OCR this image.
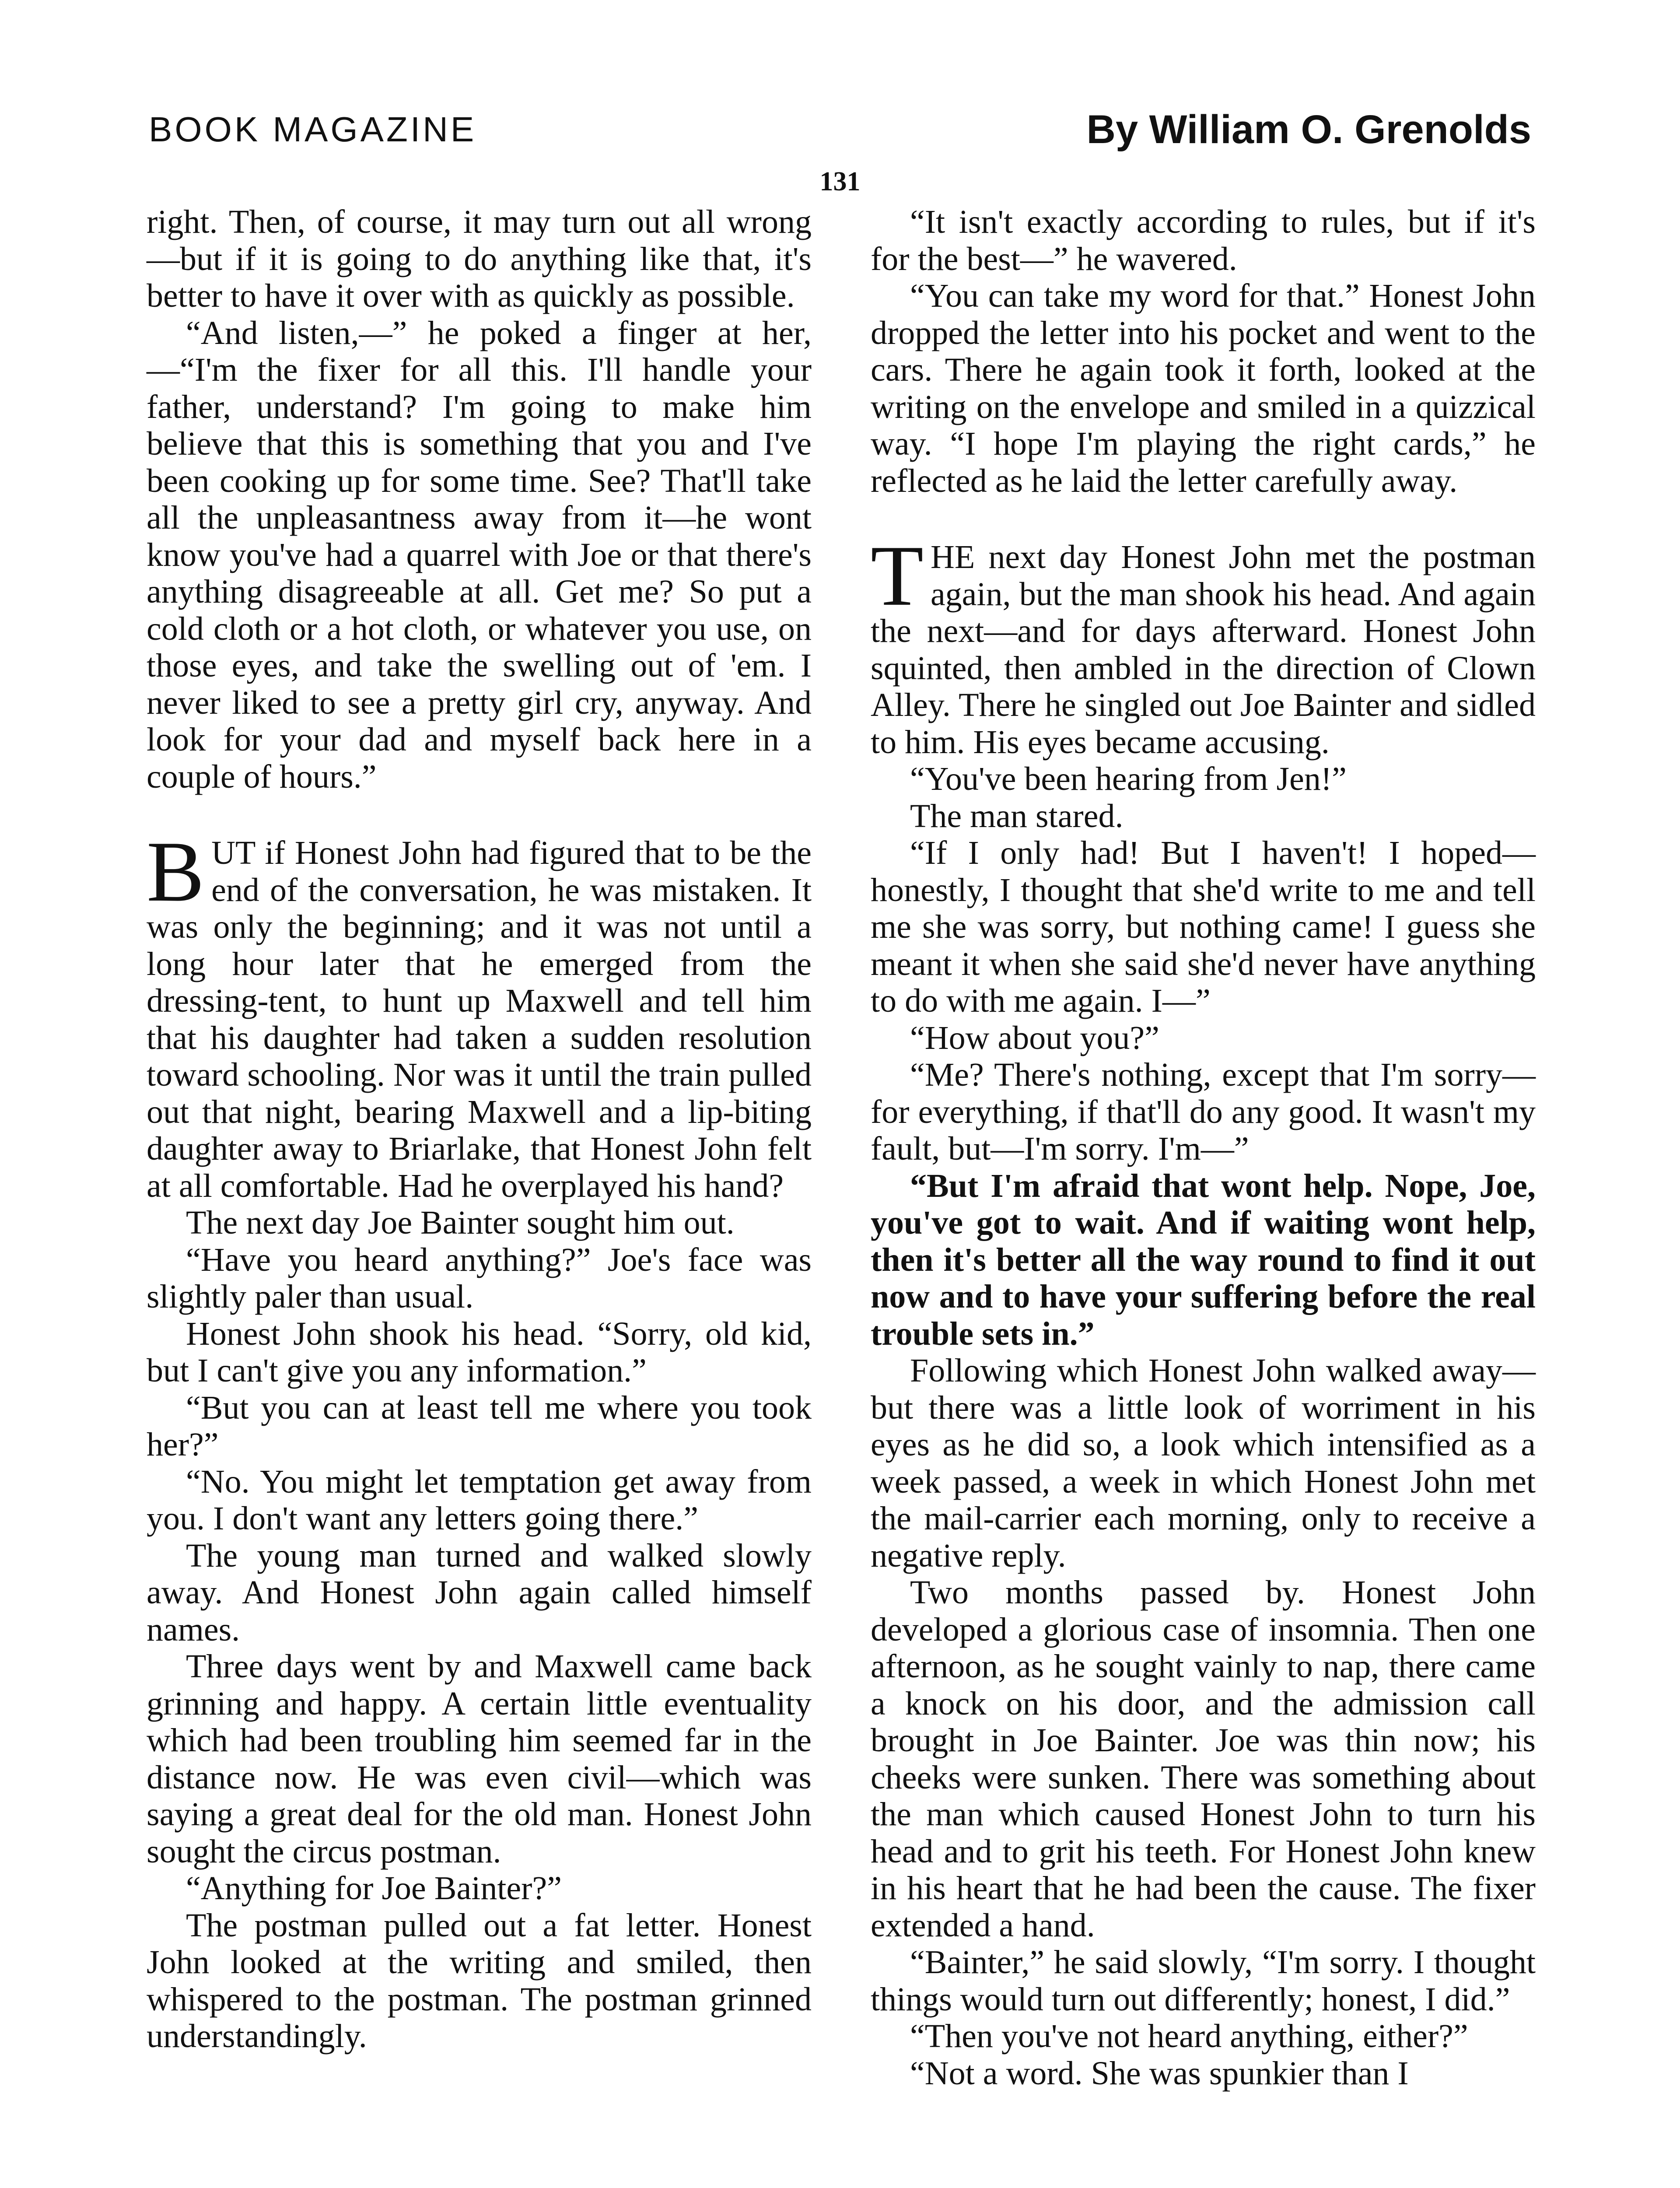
BOOK MAGAZINE	By William O. Grenolds
131

right. Then, of course, it may turn out all wrong—but if it is going to do anything like that, it's better to have it over with as quickly as possible.

“And listen,—” he poked a finger at her, —“I'm the fixer for all this. I'll handle your father, understand? I'm going to make him believe that this is something that you and I've been cooking up for some time. See? That'll take all the unpleasantness away from it—he wont know you've had a quarrel with Joe or that there's anything disagreeable at all. Get me? So put a cold cloth or a hot cloth, or whatever you use, on those eyes, and take the swelling out of 'em. I never liked to see a pretty girl cry, anyway. And look for your dad and myself back here in a couple of hours.”

BUT if Honest John had figured that to be the end of the conversation, he was mistaken. It was only the beginning; and it was not until a long hour later that he emerged from the dressing-tent, to hunt up Maxwell and tell him that his daughter had taken a sudden resolution toward schooling. Nor was it until the train pulled out that night, bearing Maxwell and a lip-biting daughter away to Briarlake, that Honest John felt at all comfortable. Had he overplayed his hand?

The next day Joe Bainter sought him out.

“Have you heard anything?” Joe's face was slightly paler than usual.

Honest John shook his head. “Sorry, old kid, but I can't give you any information.”

“But you can at least tell me where you took her?”

“No. You might let temptation get away from you. I don't want any letters going there.”

The young man turned and walked slowly away. And Honest John again called himself names.

Three days went by and Maxwell came back grinning and happy. A certain little eventuality which had been troubling him seemed far in the distance now. He was even civil—which was saying a great deal for the old man. Honest John sought the circus postman.

“Anything for Joe Bainter?”

The postman pulled out a fat letter. Honest John looked at the writing and smiled, then whispered to the postman. The postman grinned understandingly.

“It isn't exactly according to rules, but if it's for the best—” he wavered.

“You can take my word for that.” Honest John dropped the letter into his pocket and went to the cars. There he again took it forth, looked at the writing on the envelope and smiled in a quizzical way. “I hope I'm playing the right cards,” he reflected as he laid the letter carefully away.

THE next day Honest John met the postman again, but the man shook his head. And again the next—and for days afterward. Honest John squinted, then ambled in the direction of Clown Alley. There he singled out Joe Bainter and sidled to him. His eyes became accusing.

“You've been hearing from Jen!”

The man stared.

“If I only had! But I haven't! I hoped—honestly, I thought that she'd write to me and tell me she was sorry, but nothing came! I guess she meant it when she said she'd never have anything to do with me again. I—”

“How about you?”

“Me? There's nothing, except that I'm sorry—for everything, if that'll do any good. It wasn't my fault, but—I'm sorry. I'm—”

“But I'm afraid that wont help. Nope, Joe, you've got to wait. And if waiting wont help, then it's better all the way round to find it out now and to have your suffering before the real trouble sets in.”

Following which Honest John walked away—but there was a little look of worriment in his eyes as he did so, a look which intensified as a week passed, a week in which Honest John met the mail-carrier each morning, only to receive a negative reply.

Two months passed by. Honest John developed a glorious case of insomnia. Then one afternoon, as he sought vainly to nap, there came a knock on his door, and the admission call brought in Joe Bainter. Joe was thin now; his cheeks were sunken. There was something about the man which caused Honest John to turn his head and to grit his teeth. For Honest John knew in his heart that he had been the cause. The fixer extended a hand.

“Bainter,” he said slowly, “I'm sorry. I thought things would turn out differently; honest, I did.”

“Then you've not heard anything, either?”

“Not a word. She was spunkier than I
